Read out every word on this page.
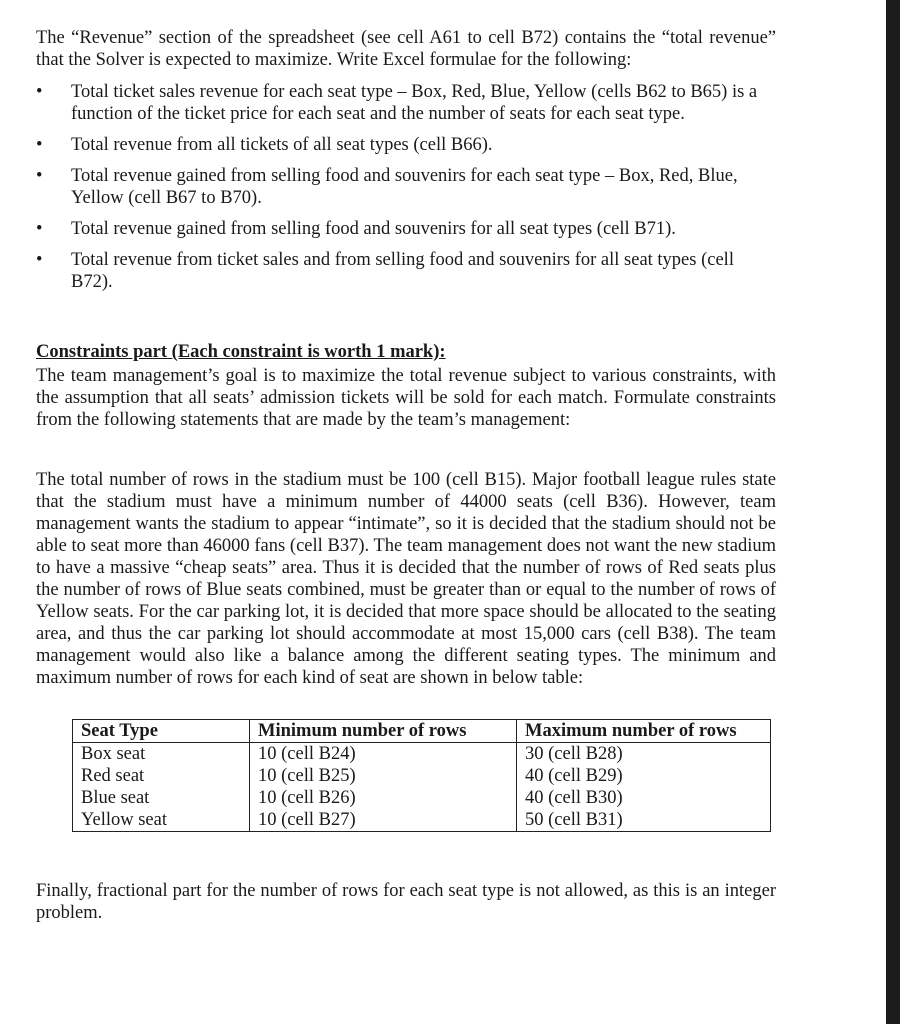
The “Revenue” section of the spreadsheet (see cell A61 to cell B72) contains the “total revenue” that the Solver is expected to maximize. Write Excel formulae for the following:

• Total ticket sales revenue for each seat type – Box, Red, Blue, Yellow (cells B62 to B65) is a function of the ticket price for each seat and the number of seats for each seat type.
• Total revenue from all tickets of all seat types (cell B66).
• Total revenue gained from selling food and souvenirs for each seat type – Box, Red, Blue, Yellow (cell B67 to B70).
• Total revenue gained from selling food and souvenirs for all seat types (cell B71).
• Total revenue from ticket sales and from selling food and souvenirs for all seat types (cell B72).

Constraints part (Each constraint is worth 1 mark):

The team management’s goal is to maximize the total revenue subject to various constraints, with the assumption that all seats’ admission tickets will be sold for each match. Formulate constraints from the following statements that are made by the team’s management:

The total number of rows in the stadium must be 100 (cell B15). Major football league rules state that the stadium must have a minimum number of 44000 seats (cell B36). However, team management wants the stadium to appear “intimate”, so it is decided that the stadium should not be able to seat more than 46000 fans (cell B37). The team management does not want the new stadium to have a massive “cheap seats” area. Thus it is decided that the number of rows of Red seats plus the number of rows of Blue seats combined, must be greater than or equal to the number of rows of Yellow seats. For the car parking lot, it is decided that more space should be allocated to the seating area, and thus the car parking lot should accommodate at most 15,000 cars (cell B38). The team management would also like a balance among the different seating types. The minimum and maximum number of rows for each kind of seat are shown in below table:

Seat Type	Minimum number of rows	Maximum number of rows
Box seat	10 (cell B24)	30 (cell B28)
Red seat	10 (cell B25)	40 (cell B29)
Blue seat	10 (cell B26)	40 (cell B30)
Yellow seat	10 (cell B27)	50 (cell B31)

Finally, fractional part for the number of rows for each seat type is not allowed, as this is an integer problem.
